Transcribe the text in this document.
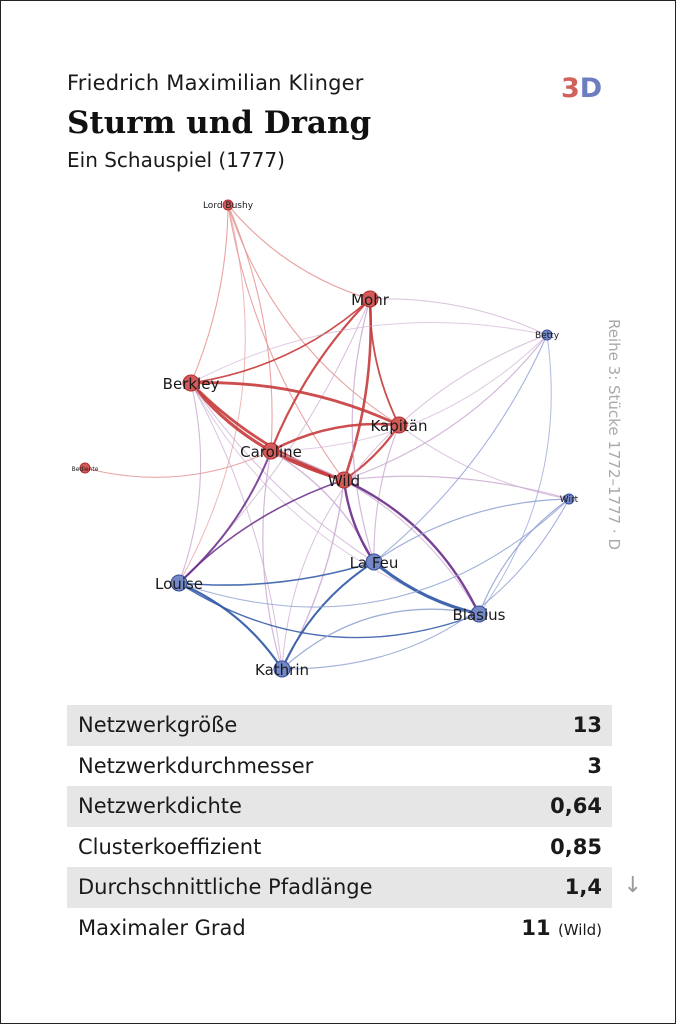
Friedrich Maximilian Klinger
Sturm und Drang
Ein Schauspiel (1777)
3D
Reihe 3: Stücke 1772–1777 · D
Lord Bushy
Mohr
Betty
Berkley
Kapitän
Caroline
Bediente
Wild
Wirt
La Feu
Louise
Blasius
Kathrin
Netzwerkgröße	13
Netzwerkdurchmesser	3
Netzwerkdichte	0,64
Clusterkoeffizient	0,85
Durchschnittliche Pfadlänge	1,4 ↓
Maximaler Grad	11 (Wild)
